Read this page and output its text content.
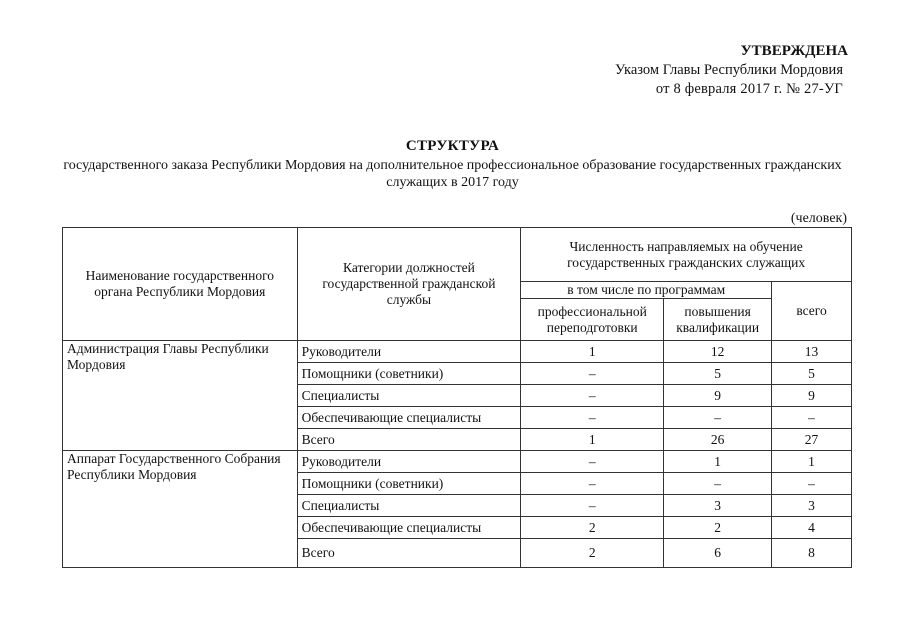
УТВЕРЖДЕНА
Указом Главы Республики Мордовия
от 8 февраля 2017 г. № 27-УГ
СТРУКТУРА
государственного заказа Республики Мордовия на дополнительное профессиональное образование государственных гражданских служащих в 2017 году
(человек)
Наименование государственного органа Республики Мордовия	Категории должностей государственной гражданской службы	Численность направляемых на обучение государственных гражданских служащих		
		в том числе по программам		всего
		профессиональной переподготовки	повышения квалификации	
Администрация Главы Республики Мордовия	Руководители	1	12	13
	Помощники (советники)	–	5	5
	Специалисты	–	9	9
	Обеспечивающие специалисты	–	–	–
	Всего	1	26	27
Аппарат Государственного Собрания Республики Мордовия	Руководители	–	1	1
	Помощники (советники)	–	–	–
	Специалисты	–	3	3
	Обеспечивающие специалисты	2	2	4
	Всего	2	6	8
